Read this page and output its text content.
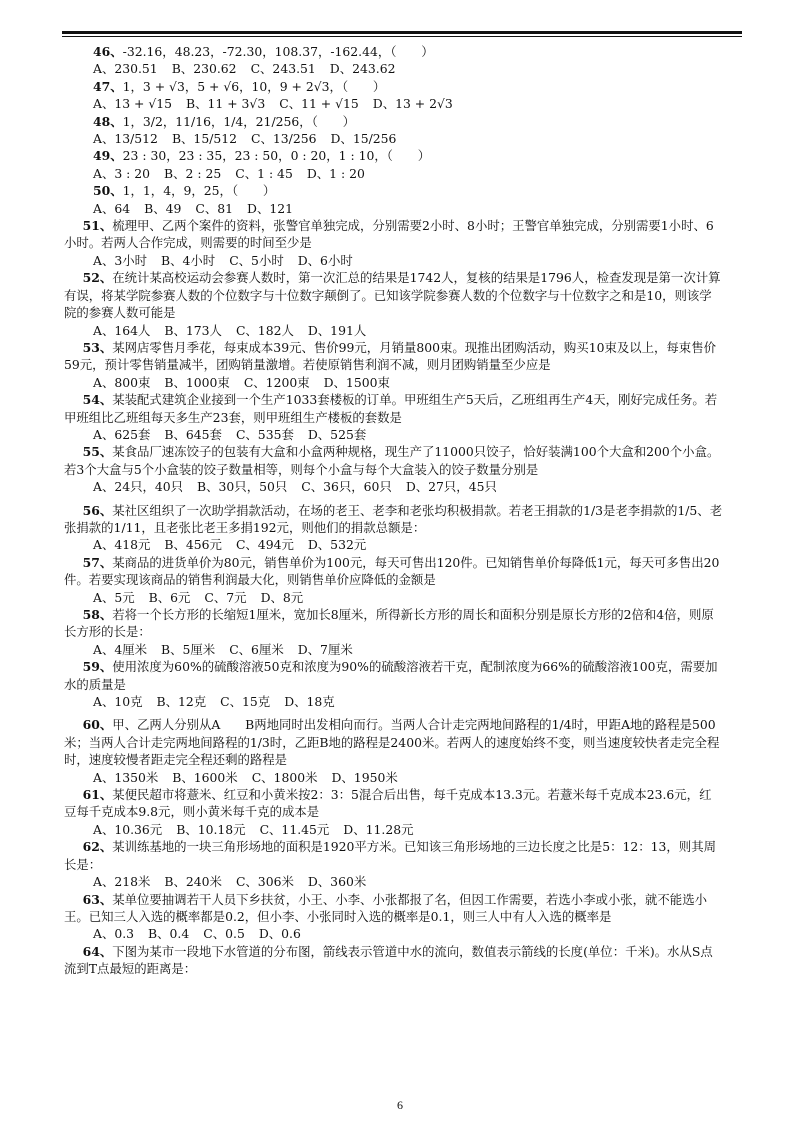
46、-32.16，48.23，-72.30，108.37，-162.44，（　　）
A、230.51 B、230.62 C、243.51 D、243.62
47、1，3 + √3，5 + √6，10，9 + 2√3，（　　）
A、13 + √15 B、11 + 3√3 C、11 + √15 D、13 + 2√3
48、1，3/2，11/16，1/4，21/256，（　　）
A、13/512 B、15/512 C、13/256 D、15/256
49、23 : 30，23 : 35，23 : 50，0 : 20，1 : 10，（　　）
A、3 : 20 B、2 : 25 C、1 : 45 D、1 : 20
50、1，1，4，9，25，（　　）
A、64 B、49 C、81 D、121
51、梳理甲、乙两个案件的资料，张警官单独完成，分别需要2小时、8小时；王警官单独完成，分别需要1小时、6小时。若两人合作完成，则需要的时间至少是
A、3小时 B、4小时 C、5小时 D、6小时
52、在统计某高校运动会参赛人数时，第一次汇总的结果是1742人，复核的结果是1796人，检查发现是第一次计算有误，将某学院参赛人数的个位数字与十位数字颠倒了。已知该学院参赛人数的个位数字与十位数字之和是10，则该学院的参赛人数可能是
A、164人 B、173人 C、182人 D、191人
53、某网店零售月季花，每束成本39元、售价99元，月销量800束。现推出团购活动，购买10束及以上，每束售价59元，预计零售销量减半，团购销量激增。若使原销售利润不减，则月团购销量至少应是
A、800束 B、1000束 C、1200束 D、1500束
54、某装配式建筑企业接到一个生产1033套楼板的订单。甲班组生产5天后，乙班组再生产4天，刚好完成任务。若甲班组比乙班组每天多生产23套，则甲班组生产楼板的套数是
A、625套 B、645套 C、535套 D、525套
55、某食品厂速冻饺子的包装有大盒和小盒两种规格，现生产了11000只饺子，恰好装满100个大盒和200个小盒。若3个大盒与5个小盒装的饺子数量相等，则每个小盒与每个大盒装入的饺子数量分别是
A、24只，40只 B、30只，50只 C、36只，60只 D、27只，45只
56、某社区组织了一次助学捐款活动，在场的老王、老李和老张均积极捐款。若老王捐款的1/3是老李捐款的1/5、老张捐款的1/11，且老张比老王多捐192元，则他们的捐款总额是：
A、418元 B、456元 C、494元 D、532元
57、某商品的进货单价为80元，销售单价为100元，每天可售出120件。已知销售单价每降低1元，每天可多售出20件。若要实现该商品的销售利润最大化，则销售单价应降低的金额是
A、5元 B、6元 C、7元 D、8元
58、若将一个长方形的长缩短1厘米，宽加长8厘米，所得新长方形的周长和面积分别是原长方形的2倍和4倍，则原长方形的长是：
A、4厘米 B、5厘米 C、6厘米 D、7厘米
59、使用浓度为60%的硫酸溶液50克和浓度为90%的硫酸溶液若干克，配制浓度为66%的硫酸溶液100克，需要加水的质量是
A、10克 B、12克 C、15克 D、18克
60、甲、乙两人分别从A　　B两地同时出发相向而行。当两人合计走完两地间路程的1/4时，甲距A地的路程是500米；当两人合计走完两地间路程的1/3时，乙距B地的路程是2400米。若两人的速度始终不变，则当速度较快者走完全程时，速度较慢者距走完全程还剩的路程是
A、1350米 B、1600米 C、1800米 D、1950米
61、某便民超市将薏米、红豆和小黄米按2：3：5混合后出售，每千克成本13.3元。若薏米每千克成本23.6元，红豆每千克成本9.8元，则小黄米每千克的成本是
A、10.36元 B、10.18元 C、11.45元 D、11.28元
62、某训练基地的一块三角形场地的面积是1920平方米。已知该三角形场地的三边长度之比是5：12：13，则其周长是：
A、218米 B、240米 C、306米 D、360米
63、某单位要抽调若干人员下乡扶贫，小王、小李、小张都报了名，但因工作需要，若选小李或小张，就不能选小王。已知三人入选的概率都是0.2，但小李、小张同时入选的概率是0.1，则三人中有人入选的概率是
A、0.3 B、0.4 C、0.5 D、0.6
64、下图为某市一段地下水管道的分布图，箭线表示管道中水的流向，数值表示箭线的长度(单位：千米)。水从S点流到T点最短的距离是：
6
